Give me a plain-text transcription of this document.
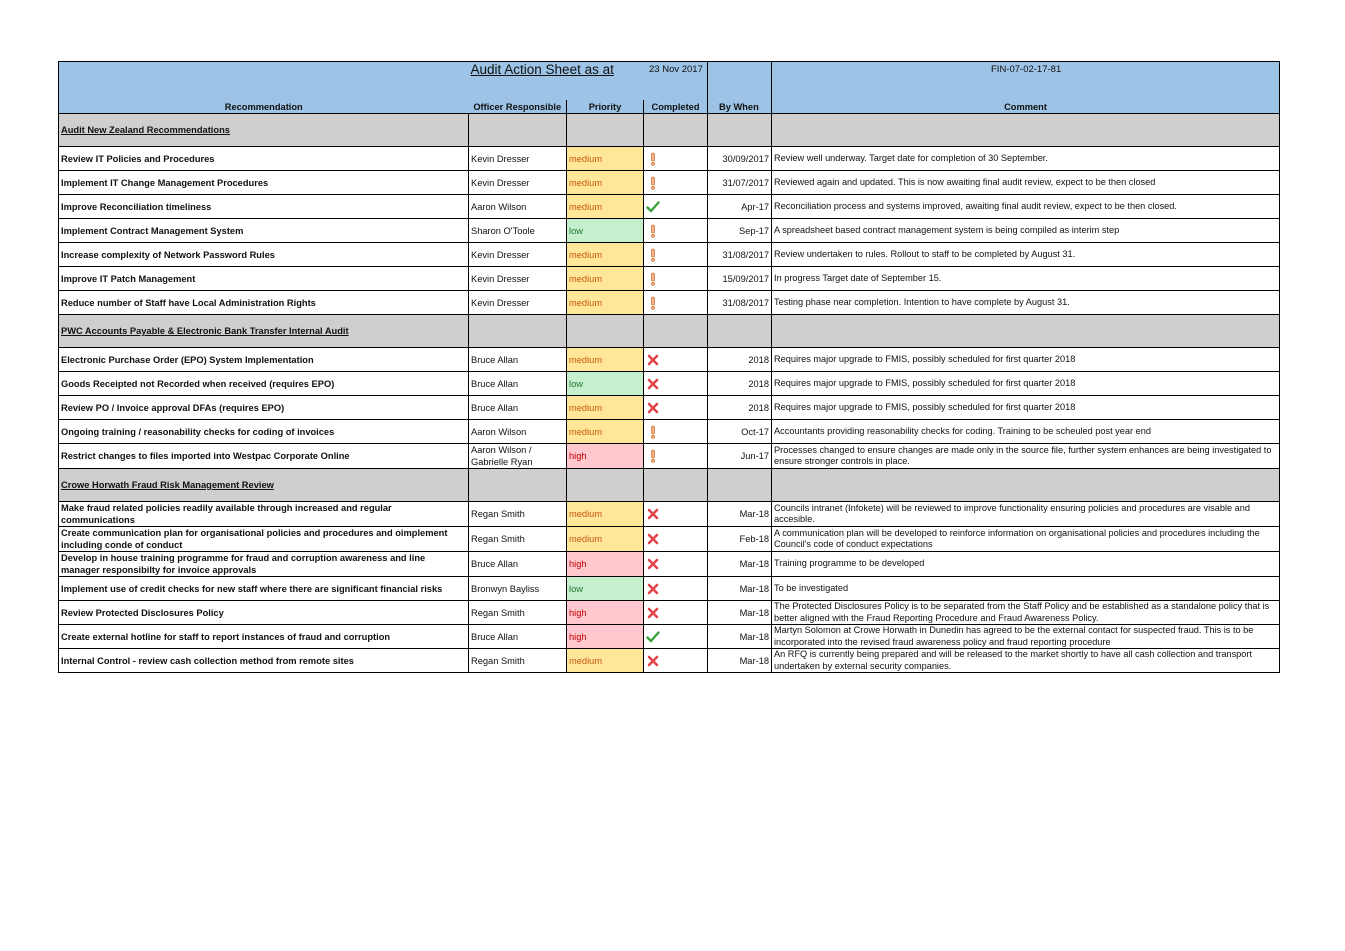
	Audit Action Sheet as at 23 Nov 2017				FIN-07-02-17-81

Recommendation	Officer Responsible	Priority	Completed	By When	Comment
Audit New Zealand Recommendations					
Review IT Policies and Procedures	Kevin Dresser	medium		30/09/2017	Review well underway. Target date for completion of 30 September.
Implement IT Change Management Procedures	Kevin Dresser	medium		31/07/2017	Reviewed again and updated. This is now awaiting final audit review, expect to be then closed
Improve Reconciliation timeliness	Aaron Wilson	medium		Apr-17	Reconciliation process and systems improved, awaiting final audit review, expect to be then closed.
Implement Contract Management System	Sharon O'Toole	low		Sep-17	A spreadsheet based contract management system is being compiled as interim step
Increase complexity of Network Password Rules	Kevin Dresser	medium		31/08/2017	Review undertaken to rules. Rollout to staff to be completed by August 31.
Improve IT Patch Management	Kevin Dresser	medium		15/09/2017	In progress Target date of September 15.
Reduce number of Staff have Local Administration Rights	Kevin Dresser	medium		31/08/2017	Testing phase near completion. Intention to have complete by August 31.
PWC Accounts Payable & Electronic Bank Transfer Internal Audit					
Electronic Purchase Order (EPO) System Implementation	Bruce Allan	medium		2018	Requires major upgrade to FMIS, possibly scheduled for first quarter 2018
Goods Receipted not Recorded when received (requires EPO)	Bruce Allan	low		2018	Requires major upgrade to FMIS, possibly scheduled for first quarter 2018
Review PO / Invoice approval DFAs (requires EPO)	Bruce Allan	medium		2018	Requires major upgrade to FMIS, possibly scheduled for first quarter 2018
Ongoing training / reasonability checks for coding of invoices	Aaron Wilson	medium		Oct-17	Accountants providing reasonability checks for coding. Training to be scheuled post year end
Restrict changes to files imported into Westpac Corporate Online	Aaron Wilson / Gabrielle Ryan	high		Jun-17	Processes changed to ensure changes are made only in the source file, further system enhances are being investigated to ensure stronger controls in place.
Crowe Horwath Fraud Risk Management Review					
Make fraud related policies readily available through increased and regular communications	Regan Smith	medium		Mar-18	Councils intranet (Infokete) will be reviewed to improve functionality ensuring policies and procedures are visable and accesible.
Create communication plan for organisational policies and procedures and oimplement including conde of conduct	Regan Smith	medium		Feb-18	A communication plan will be developed to reinforce information on organisational policies and procedures including the Council's code of conduct expectations
Develop in house training programme for fraud and corruption awareness and line manager responsibilty for invoice approvals	Bruce Allan	high		Mar-18	Training programme to be developed
Implement use of credit checks for new staff where there are significant financial risks	Bronwyn Bayliss	low		Mar-18	To be investigated
Review Protected Disclosures Policy	Regan Smith	high		Mar-18	The Protected Disclosures Policy is to be separated from the Staff Policy and be established as a standalone policy that is better aligned with the Fraud Reporting Procedure and Fraud Awareness Policy.
Create external hotline for staff to report instances of fraud and corruption	Bruce Allan	high		Mar-18	Martyn Solomon at Crowe Horwath in Dunedin has agreed to be the external contact for suspected fraud. This is to be incorporated into the revised fraud awareness policy and fraud reporting procedure
Internal Control - review cash collection method from remote sites	Regan Smith	medium		Mar-18	An RFQ is currently being prepared and will be released to the market shortly to have all cash collection and transport undertaken by external security companies.
